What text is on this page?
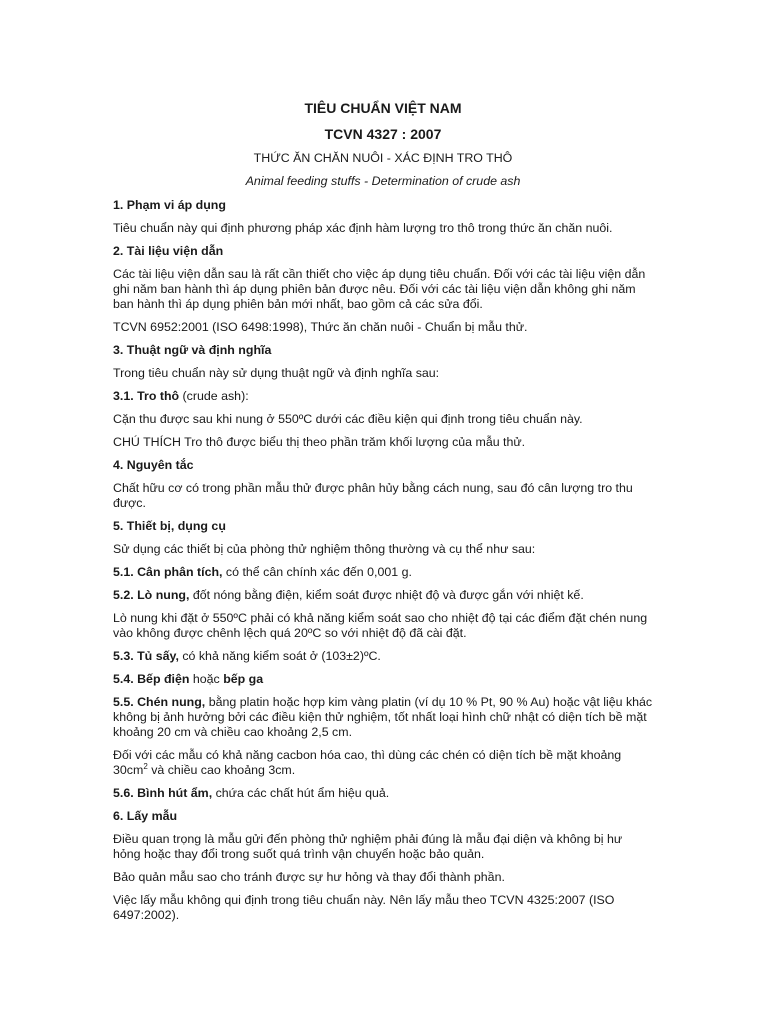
TIÊU CHUẨN VIỆT NAM
TCVN 4327 : 2007
THỨC ĂN CHĂN NUÔI - XÁC ĐỊNH TRO THÔ
Animal feeding stuffs - Determination of crude ash
1. Phạm vi áp dụng

Tiêu chuẩn này qui định phương pháp xác định hàm lượng tro thô trong thức ăn chăn nuôi.

2. Tài liệu viện dẫn

Các tài liệu viện dẫn sau là rất cần thiết cho việc áp dụng tiêu chuẩn. Đối với các tài liệu viện dẫn ghi năm ban hành thì áp dụng phiên bản được nêu. Đối với các tài liệu viện dẫn không ghi năm ban hành thì áp dụng phiên bản mới nhất, bao gồm cả các sửa đổi.

TCVN 6952:2001 (ISO 6498:1998), Thức ăn chăn nuôi - Chuẩn bị mẫu thử.

3. Thuật ngữ và định nghĩa

Trong tiêu chuẩn này sử dụng thuật ngữ và định nghĩa sau:

3.1. Tro thô (crude ash):

Cặn thu được sau khi nung ở 550ºC dưới các điều kiện qui định trong tiêu chuẩn này.

CHÚ THÍCH Tro thô được biểu thị theo phần trăm khối lượng của mẫu thử.

4. Nguyên tắc

Chất hữu cơ có trong phần mẫu thử được phân hủy bằng cách nung, sau đó cân lượng tro thu được.

5. Thiết bị, dụng cụ

Sử dụng các thiết bị của phòng thử nghiệm thông thường và cụ thể như sau:

5.1. Cân phân tích, có thể cân chính xác đến 0,001 g.

5.2. Lò nung, đốt nóng bằng điện, kiểm soát được nhiệt độ và được gắn với nhiệt kế.

Lò nung khi đặt ở 550ºC phải có khả năng kiểm soát sao cho nhiệt độ tại các điểm đặt chén nung vào không được chênh lệch quá 20ºC so với nhiệt độ đã cài đặt.

5.3. Tủ sấy, có khả năng kiểm soát ở (103±2)ºC.

5.4. Bếp điện hoặc bếp ga

5.5. Chén nung, bằng platin hoặc hợp kim vàng platin (ví dụ 10 % Pt, 90 % Au) hoặc vật liệu khác không bị ảnh hưởng bởi các điều kiện thử nghiệm, tốt nhất loại hình chữ nhật có diện tích bề mặt khoảng 20 cm và chiều cao khoảng 2,5 cm.

Đối với các mẫu có khả năng cacbon hóa cao, thì dùng các chén có diện tích bề mặt khoảng $30cm^2$ và chiều cao khoảng 3cm.

5.6. Bình hút ẩm, chứa các chất hút ẩm hiệu quả.

6. Lấy mẫu

Điều quan trọng là mẫu gửi đến phòng thử nghiệm phải đúng là mẫu đại diện và không bị hư hỏng hoặc thay đổi trong suốt quá trình vận chuyển hoặc bảo quản.

Bảo quản mẫu sao cho tránh được sự hư hỏng và thay đổi thành phần.

Việc lấy mẫu không qui định trong tiêu chuẩn này. Nên lấy mẫu theo TCVN 4325:2007 (ISO 6497:2002).
